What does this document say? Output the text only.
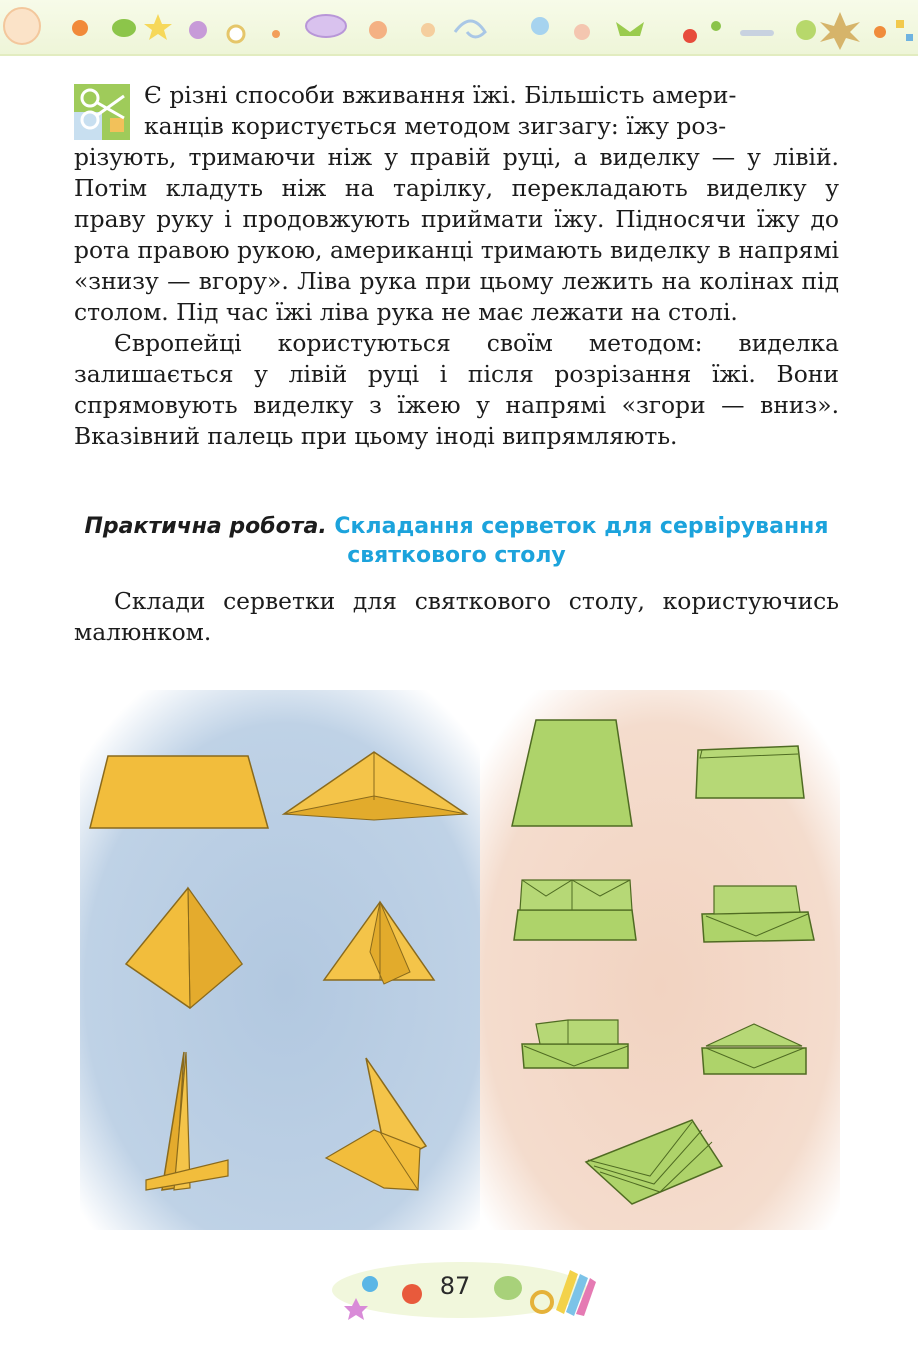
Є різні способи вживання їжі. Більшість амери-
канців користується методом зигзагу: їжу роз-
різують, тримаючи ніж у правій руці, а виделку — у лівій. Потім кладуть ніж на тарілку, перекладають виделку у праву руку і продовжують приймати їжу. Підносячи їжу до рота правою рукою, американці тримають виделку в напрямі «знизу — вгору». Ліва рука при цьому лежить на колінах під столом. Під час їжі ліва рука не має лежати на столі.

Європейці користуються своїм методом: виделка залишається у лівій руці і після розрізання їжі. Вони спрямовують виделку з їжею у напрямі «згори — вниз». Вказівний палець при цьому іноді випрямляють.

Практична робота. Складання серветок для сервірування святкового столу

Склади серветки для святкового столу, користуючись малюнком.

87
